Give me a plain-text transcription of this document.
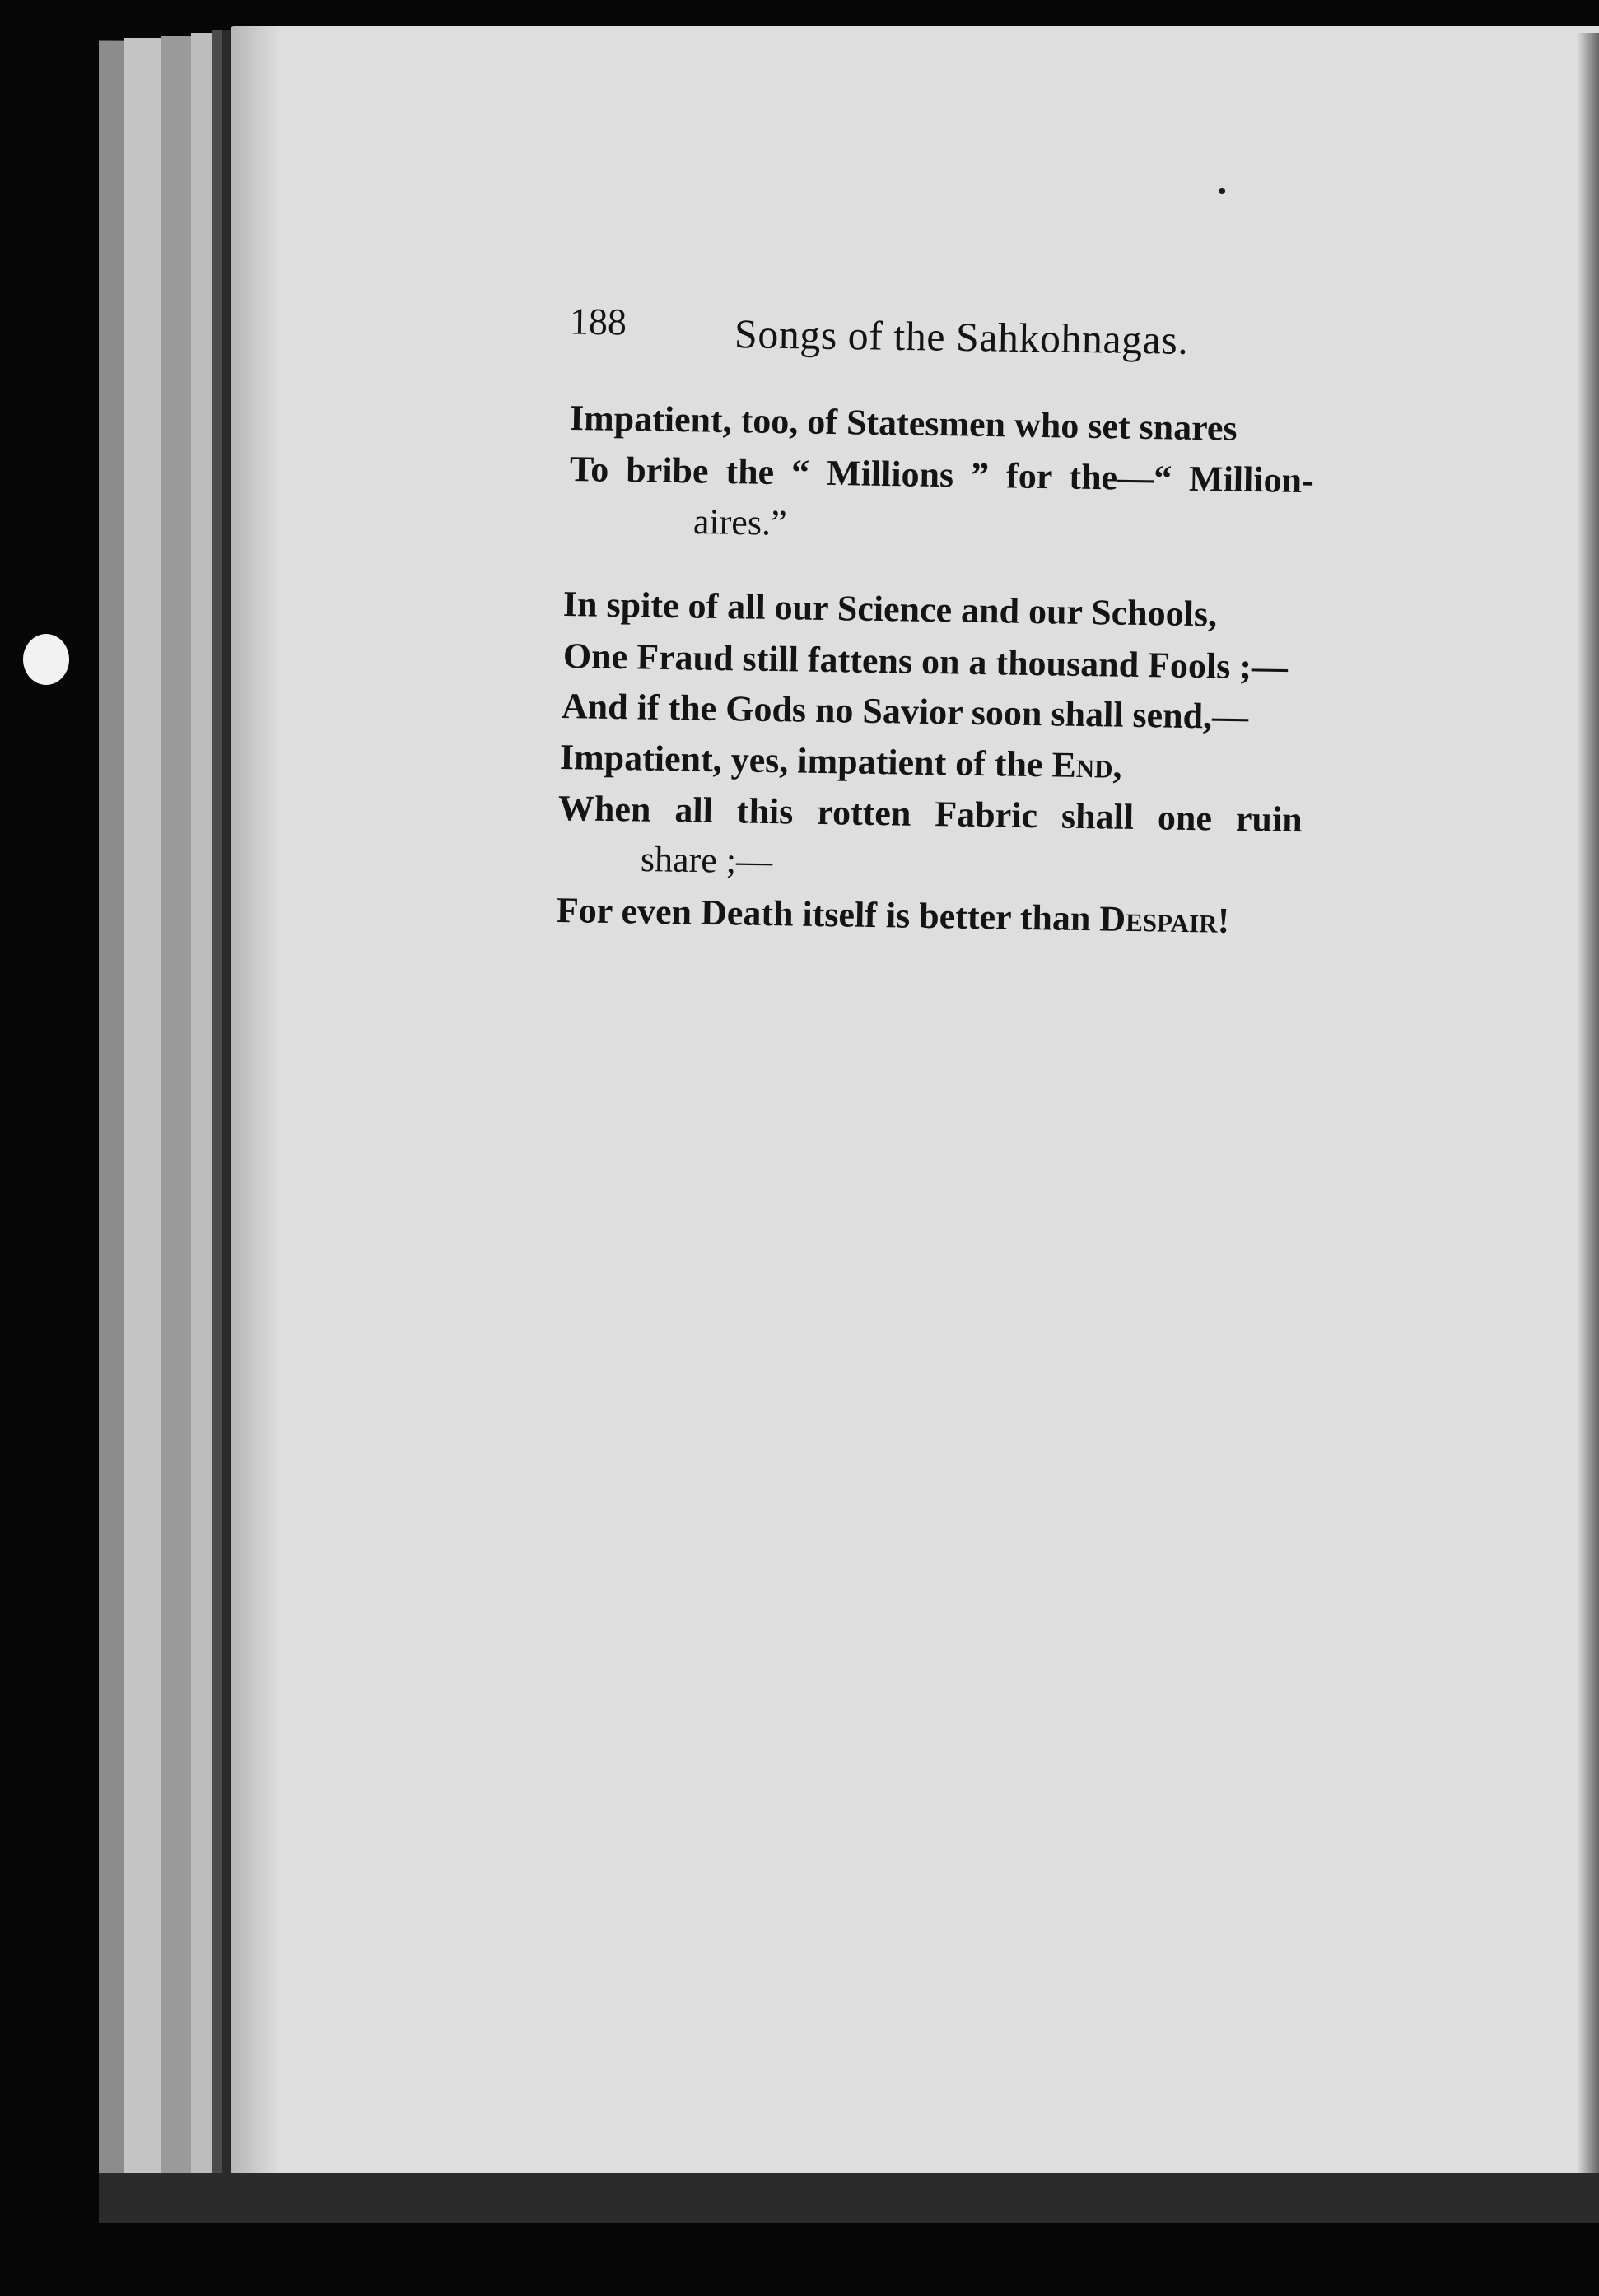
188	Songs of the Sahkohnagas.
Impatient, too, of Statesmen who set snares
To bribe the “ Millions ” for the—“ Million-
aires.”
In spite of all our Science and our Schools,
One Fraud still fattens on a thousand Fools ;—
And if the Gods no Savior soon shall send,—
Impatient, yes, impatient of the End,
When all this rotten Fabric shall one ruin
share ;—
For even Death itself is better than Despair!
